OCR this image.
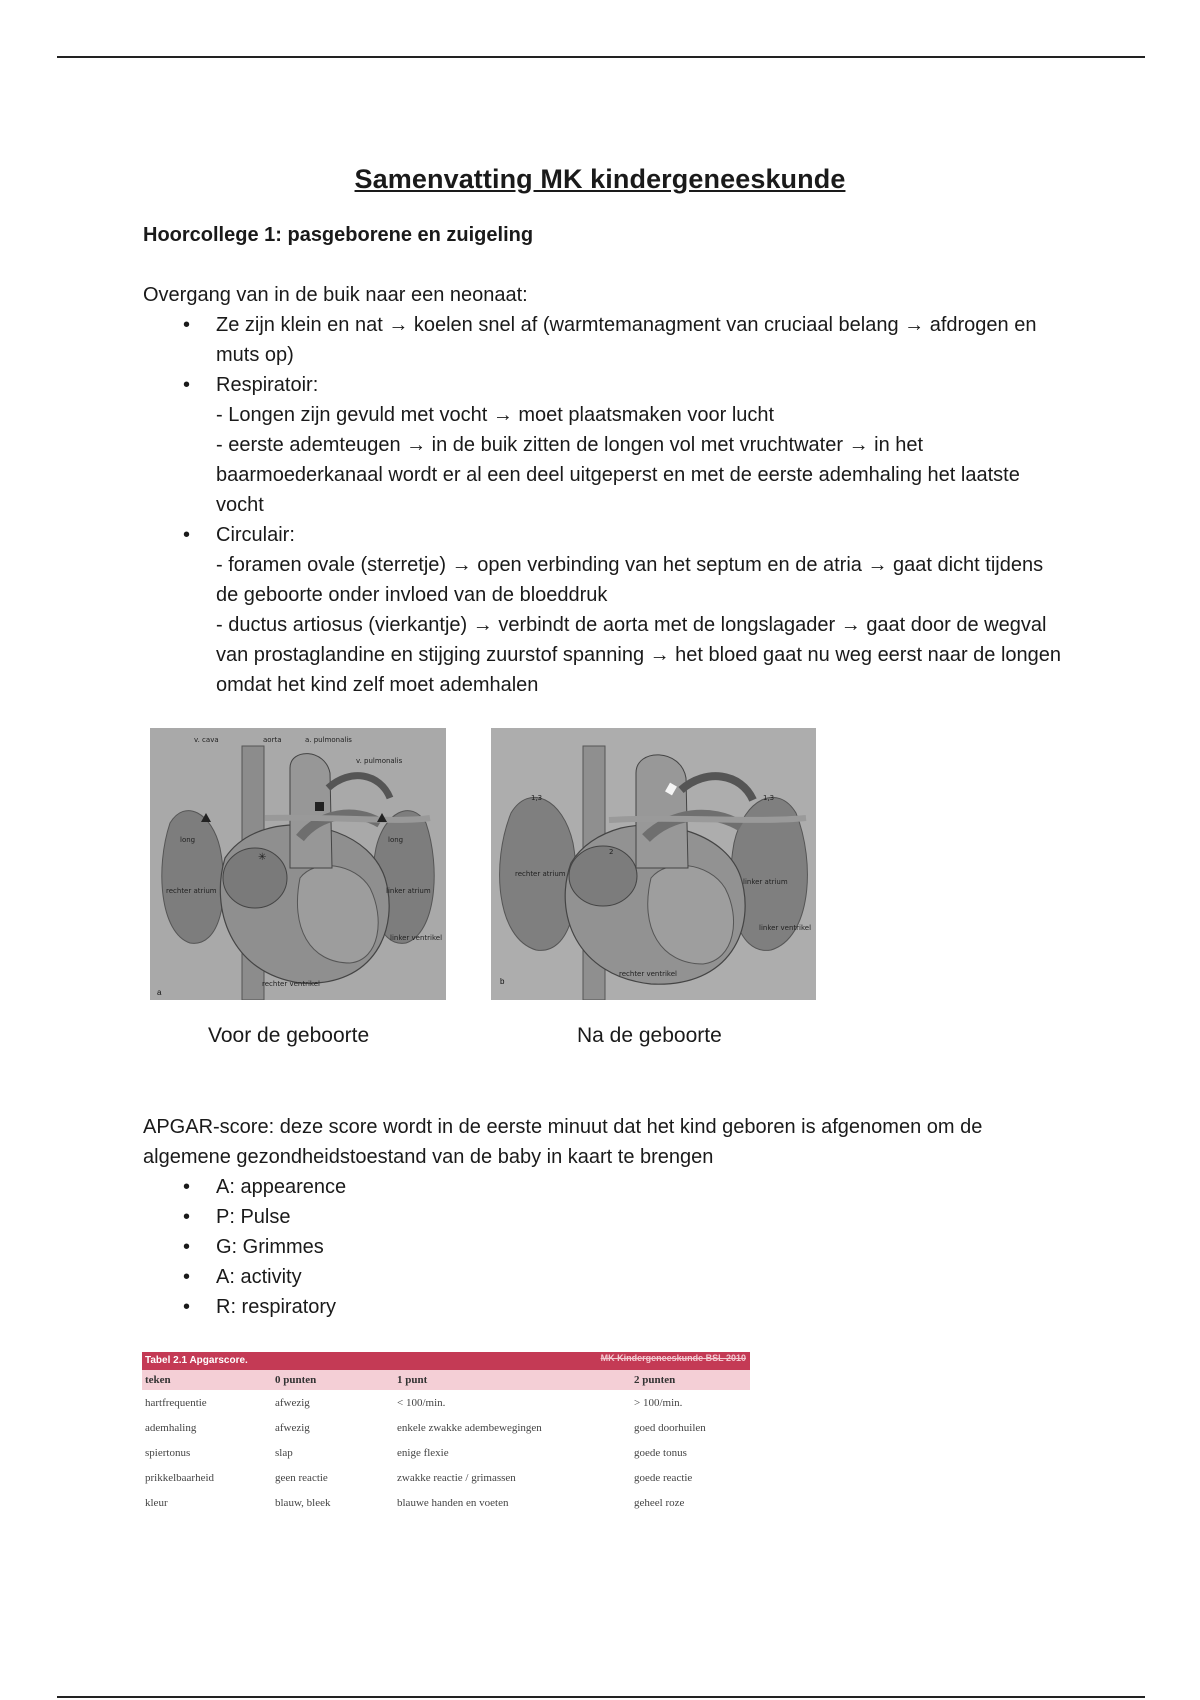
Samenvatting MK kindergeneeskunde
Hoorcollege 1: pasgeborene en zuigeling
Overgang van in de buik naar een neonaat:
• Ze zijn klein en nat → koelen snel af (warmtemanagment van cruciaal belang → afdrogen en muts op)
• Respiratoir:
- Longen zijn gevuld met vocht → moet plaatsmaken voor lucht
- eerste ademteugen → in de buik zitten de longen vol met vruchtwater → in het baarmoederkanaal wordt er al een deel uitgeperst en met de eerste ademhaling het laatste vocht
• Circulair:
- foramen ovale (sterretje) → open verbinding van het septum en de atria → gaat dicht tijdens de geboorte onder invloed van de bloeddruk
- ductus artiosus (vierkantje) → verbindt de aorta met de longslagader → gaat door de wegval van prostaglandine en stijging zuurstof spanning → het bloed gaat nu weg eerst naar de longen omdat het kind zelf moet ademhalen
✳
v. cava	aorta	a. pulmonalis
v. pulmonalis
long	long
rechter atrium	linker atrium
linker ventrikel
rechter ventrikel
a
1,3	1,3
2
rechter atrium
linker atrium
linker ventrikel
rechter ventrikel
b
Voor de geboorte	Na de geboorte
APGAR-score: deze score wordt in de eerste minuut dat het kind geboren is afgenomen om de algemene gezondheidstoestand van de baby in kaart te brengen
• A: appearence
• P: Pulse
• G: Grimmes
• A: activity
• R: respiratory
Tabel 2.1 Apgarscore.	MK Kindergeneeskunde BSL 2010
teken	0 punten	1 punt	2 punten
hartfrequentie	afwezig	< 100/min.	> 100/min.
ademhaling	afwezig	enkele zwakke adembewegingen	goed doorhuilen
spiertonus	slap	enige flexie	goede tonus
prikkelbaarheid	geen reactie	zwakke reactie / grimassen	goede reactie
kleur	blauw, bleek	blauwe handen en voeten	geheel roze
